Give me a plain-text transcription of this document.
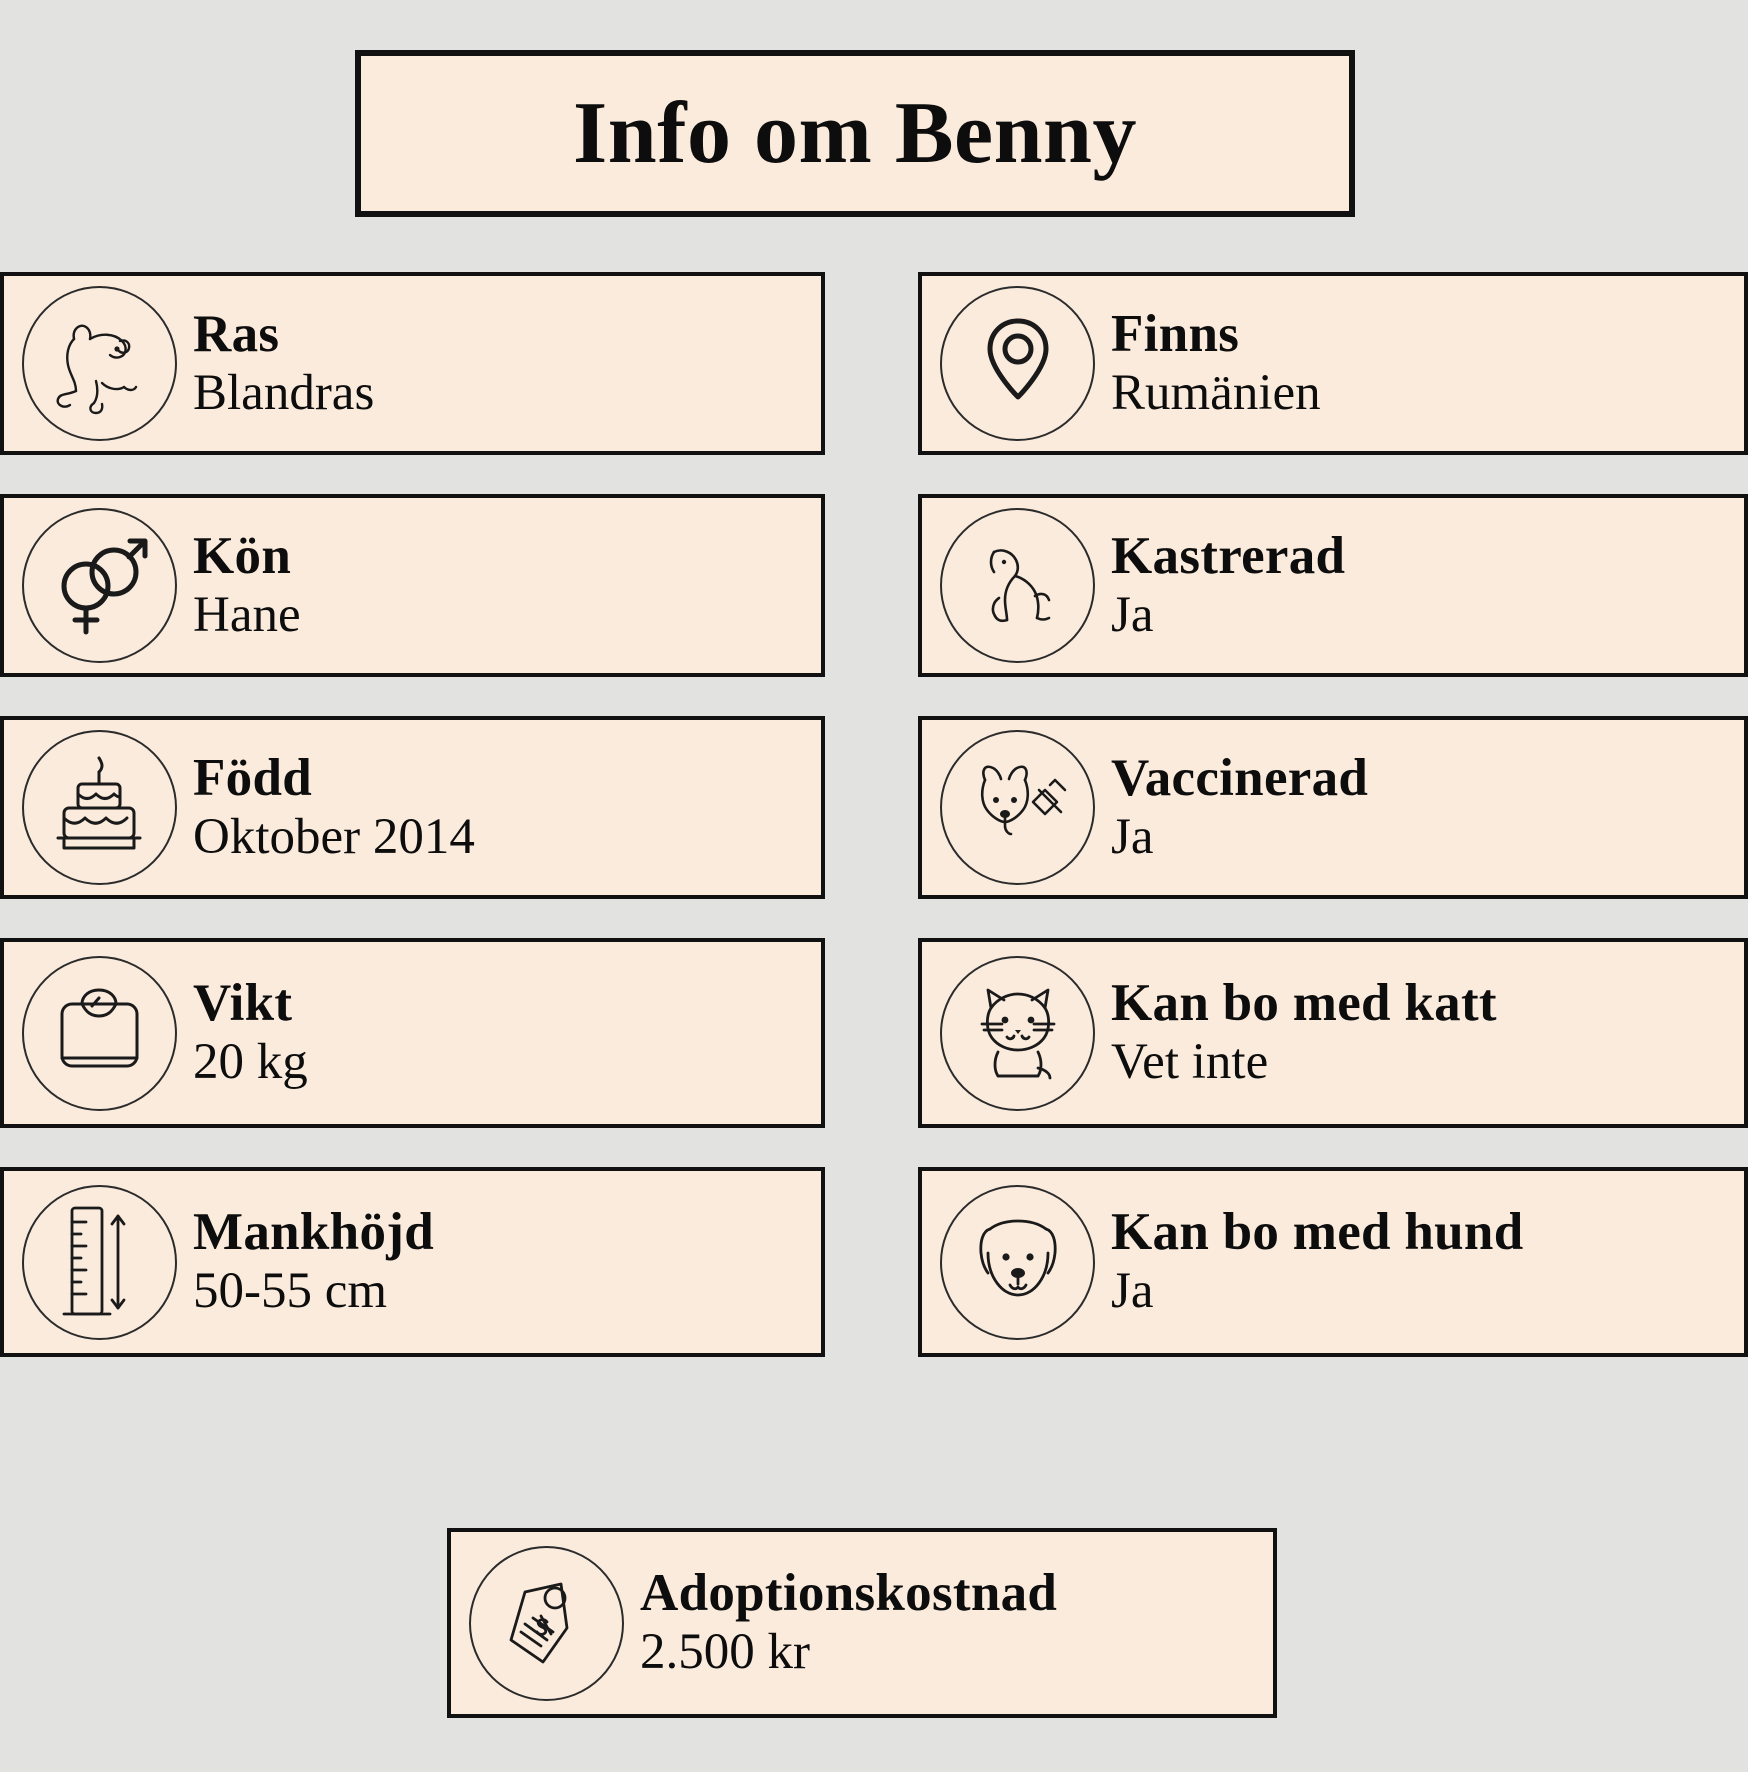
Info om Benny
Ras
Blandras
Finns
Rumänien
Kön
Hane
Kastrerad
Ja
Född
Oktober 2014
Vaccinerad
Ja
Vikt
20 kg
Kan bo med katt
Vet inte
Mankhöjd
50-55 cm
Kan bo med hund
Ja
Adoptionskostnad
2.500 kr
